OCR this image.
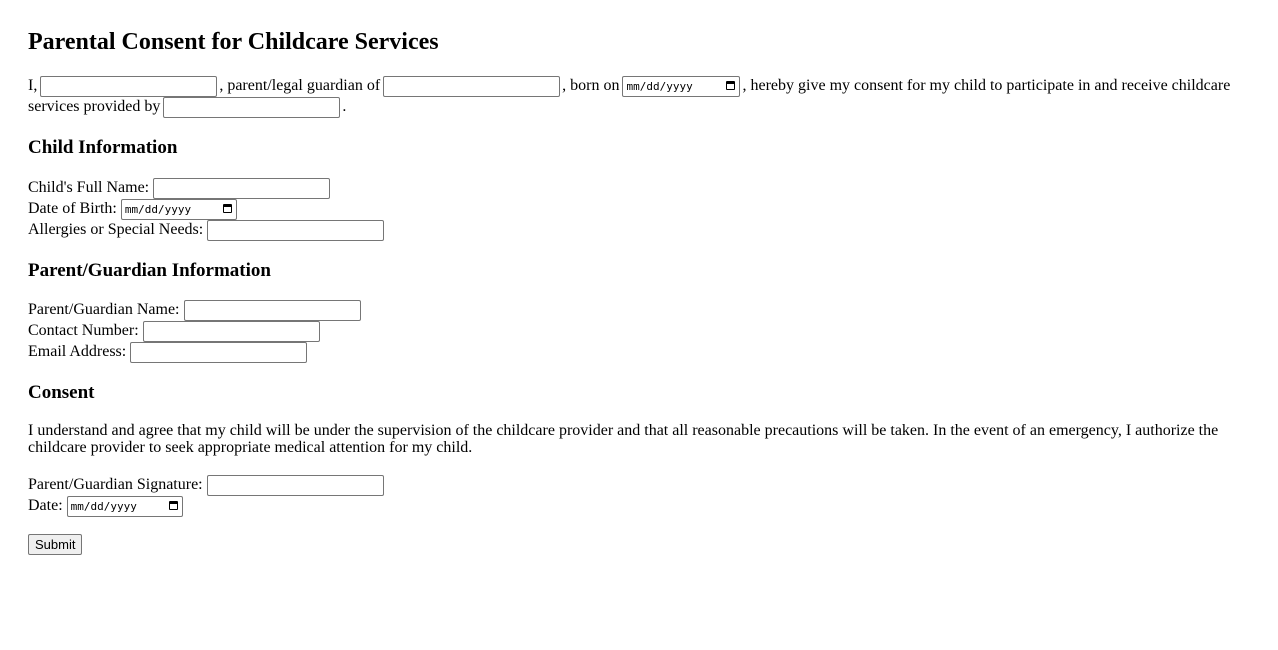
Parental Consent for Childcare Services
I,	, parent/legal guardian of	, born on mm/dd/yyyy	, hereby give my consent for my child to participate in and receive childcare
services provided by	.
Child Information
Child's Full Name:
Date of Birth: mm/dd/yyyy
Allergies or Special Needs:
Parent/Guardian Information
Parent/Guardian Name:
Contact Number:
Email Address:
Consent
I understand and agree that my child will be under the supervision of the childcare provider and that all reasonable precautions will be taken. In the event of an emergency, I authorize the childcare provider to seek appropriate medical attention for my child.
Parent/Guardian Signature:
Date: mm/dd/yyyy
Submit
